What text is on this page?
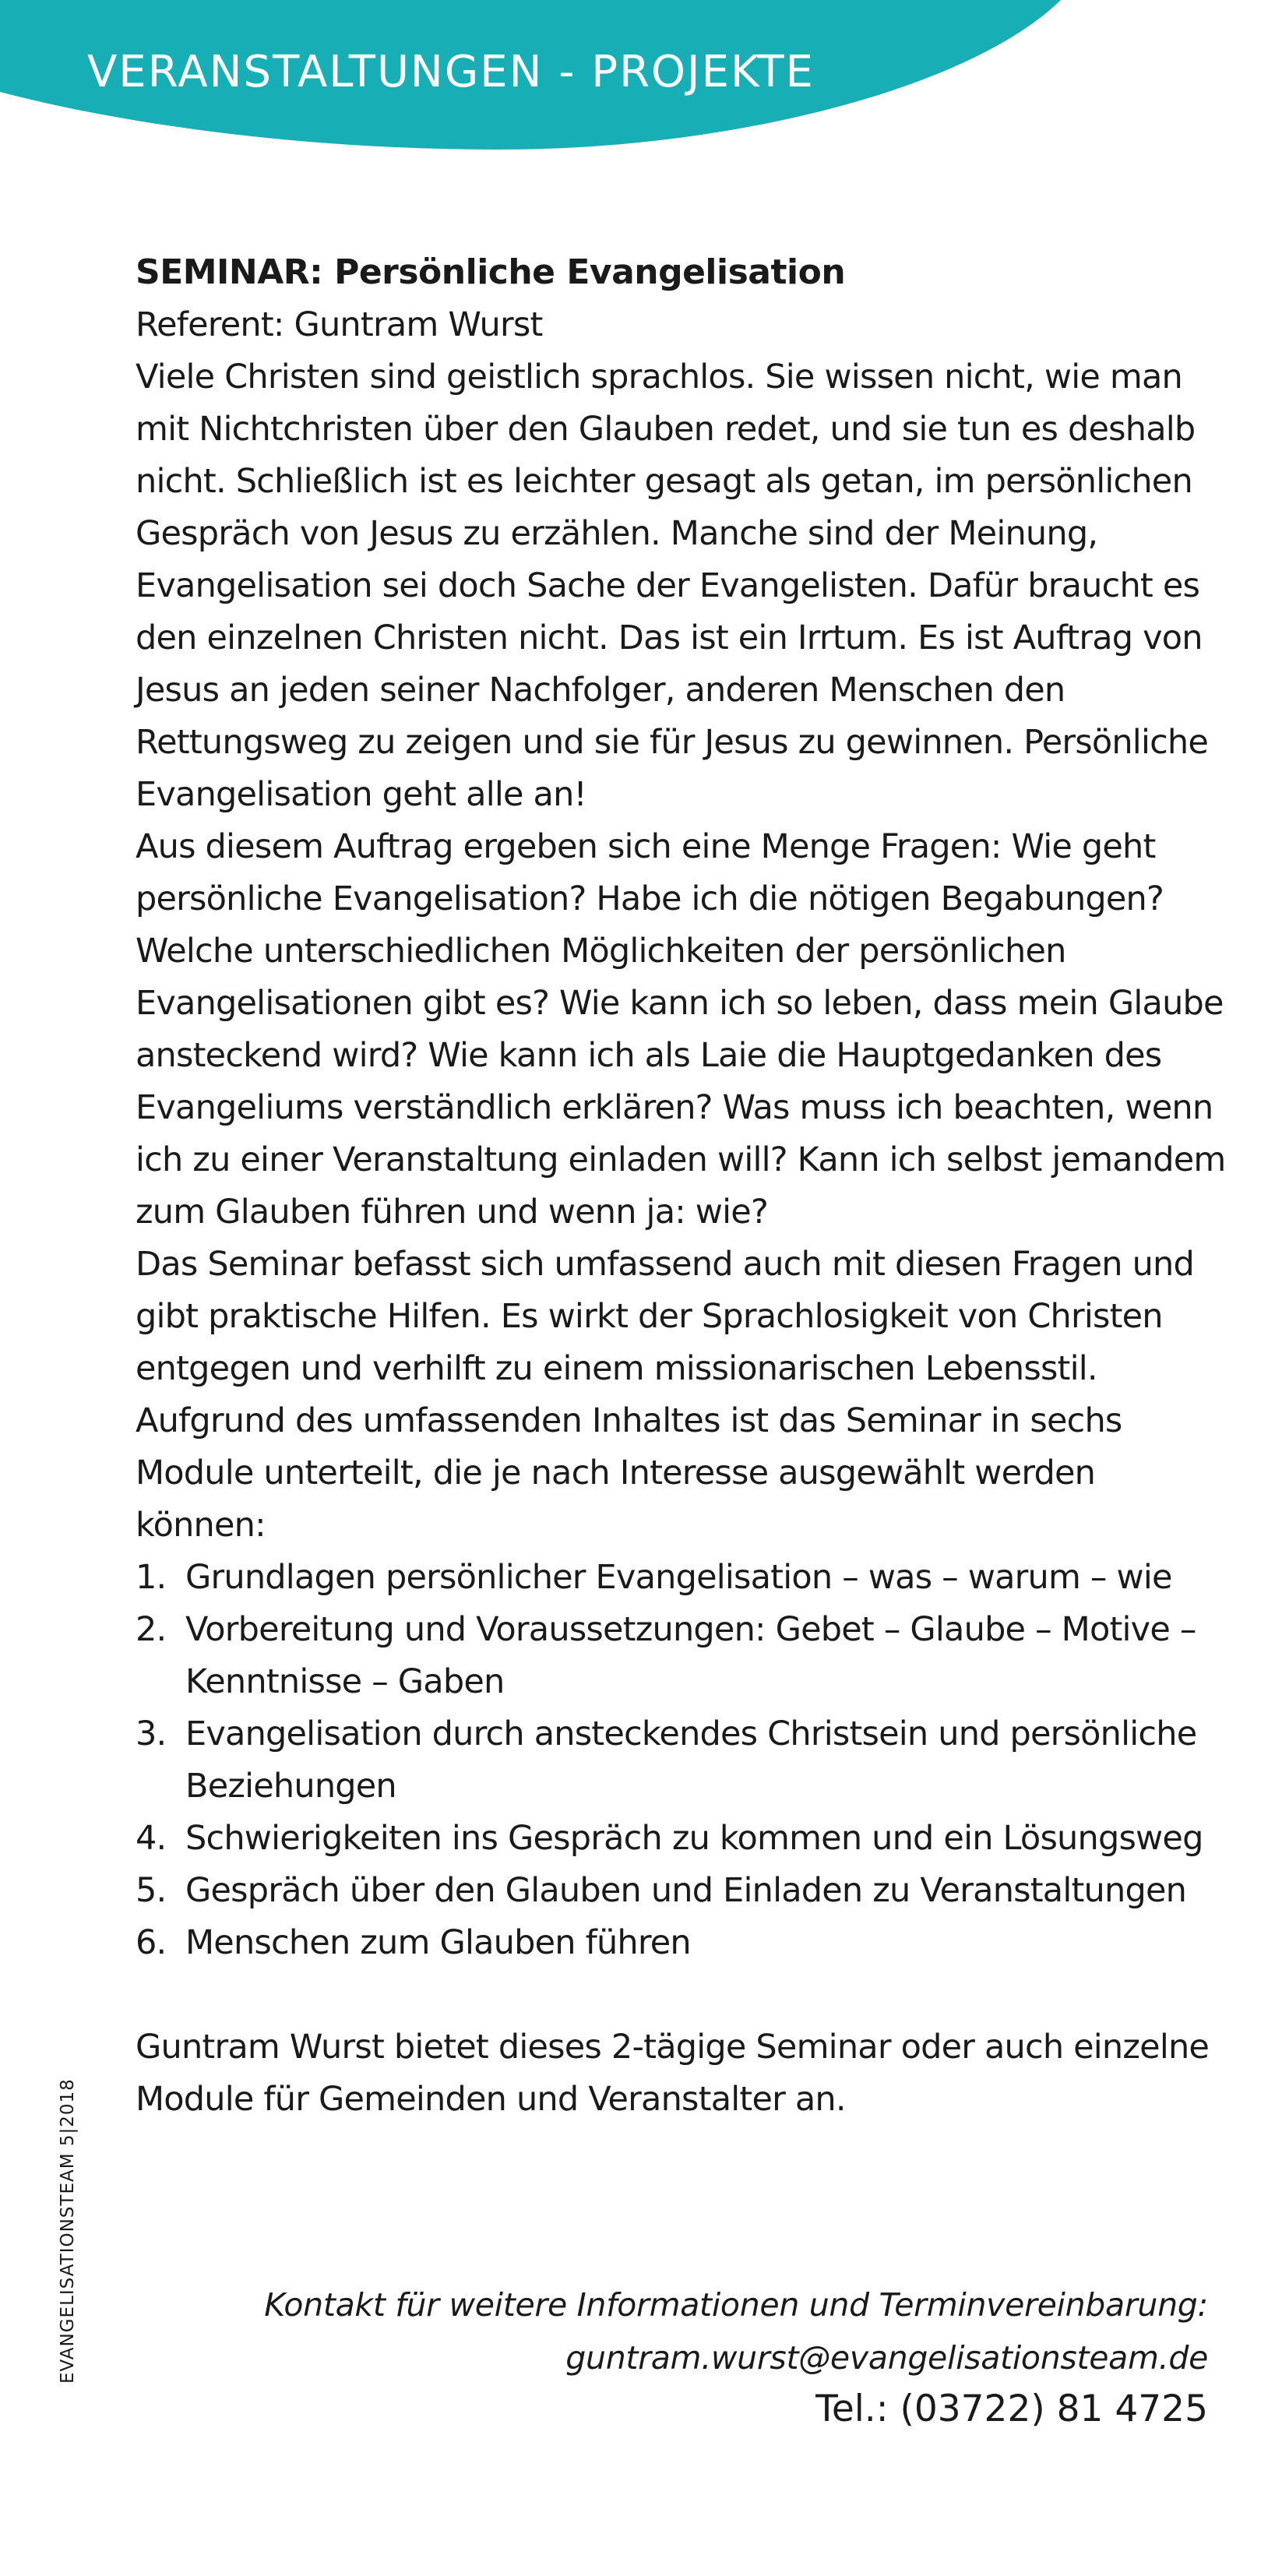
VERANSTALTUNGEN - PROJEKTE
SEMINAR: Persönliche Evangelisation

Referent: Guntram Wurst

Viele Christen sind geistlich sprachlos. Sie wissen nicht, wie man mit Nichtchristen über den Glauben redet, und sie tun es deshalb nicht. Schließlich ist es leichter gesagt als getan, im persönlichen Gespräch von Jesus zu erzählen. Manche sind der Meinung, Evangelisation sei doch Sache der Evangelisten. Dafür braucht es den einzelnen Christen nicht. Das ist ein Irrtum. Es ist Auftrag von Jesus an jeden seiner Nachfolger, anderen Menschen den Rettungsweg zu zeigen und sie für Jesus zu gewinnen. Persönliche Evangelisation geht alle an!

Aus diesem Auftrag ergeben sich eine Menge Fragen: Wie geht persönliche Evangelisation? Habe ich die nötigen Begabungen? Welche unterschiedlichen Möglichkeiten der persönlichen Evangelisationen gibt es? Wie kann ich so leben, dass mein Glaube ansteckend wird? Wie kann ich als Laie die Hauptgedanken des Evangeliums verständlich erklären? Was muss ich beachten, wenn ich zu einer Veranstaltung einladen will? Kann ich selbst jemandem zum Glauben führen und wenn ja: wie?

Das Seminar befasst sich umfassend auch mit diesen Fragen und gibt praktische Hilfen. Es wirkt der Sprachlosigkeit von Christen entgegen und verhilft zu einem missionarischen Lebensstil. Aufgrund des umfassenden Inhaltes ist das Seminar in sechs Module unterteilt, die je nach Interesse ausgewählt werden können:

1. Grundlagen persönlicher Evangelisation – was – warum – wie
2. Vorbereitung und Voraussetzungen: Gebet – Glaube – Motive – Kenntnisse – Gaben
3. Evangelisation durch ansteckendes Christsein und persönliche Beziehungen
4. Schwierigkeiten ins Gespräch zu kommen und ein Lösungsweg
5. Gespräch über den Glauben und Einladen zu Veranstaltungen
6. Menschen zum Glauben führen

Guntram Wurst bietet dieses 2-tägige Seminar oder auch einzelne Module für Gemeinden und Veranstalter an.

Kontakt für weitere Informationen und Terminvereinbarung:
guntram.wurst@evangelisationsteam.de
Tel.: (03722) 81 4725
EVANGELISATIONSTEAM 5|2018
